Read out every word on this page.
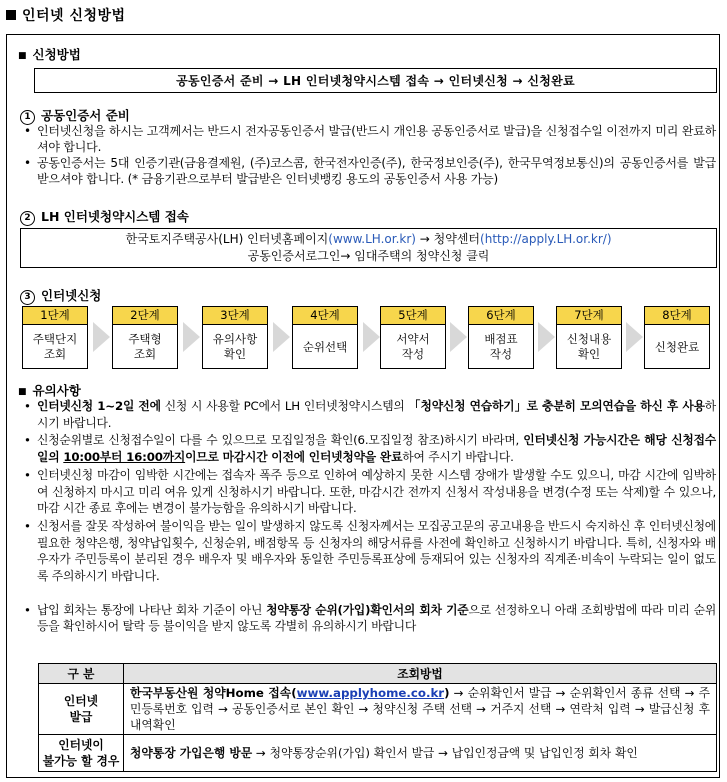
인터넷 신청방법
■ 신청방법
공동인증서 준비 → LH 인터넷청약시스템 접속 → 인터넷신청 → 신청완료
1 공동인증서 준비
• 인터넷신청을 하시는 고객께서는 반드시 전자공동인증서 발급(반드시 개인용 공동인증서로 발급)을 신청접수일 이전까지 미리 완료하셔야 합니다.
• 공동인증서는 5대 인증기관(금융결제원, (주)코스콤, 한국전자인증(주), 한국정보인증(주), 한국무역정보통신)의 공동인증서를 발급받으셔야 합니다. (* 금융기관으로부터 발급받은 인터넷뱅킹 용도의 공동인증서 사용 가능)
2 LH 인터넷청약시스템 접속
한국토지주택공사(LH) 인터넷홈페이지(www.LH.or.kr) → 청약센터(http://apply.LH.or.kr/)
공동인증서로그인→ 임대주택의 청약신청 클릭
3 인터넷신청
1단계
주택단지
조회
2단계
주택형
조회
3단계
유의사항
확인
4단계
순위선택
5단계
서약서
작성
6단계
배점표
작성
7단계
신청내용
확인
8단계
신청완료
■ 유의사항
• 인터넷신청 1~2일 전에 신청 시 사용할 PC에서 LH 인터넷청약시스템의 「청약신청 연습하기」로 충분히 모의연습을 하신 후 사용하시기 바랍니다.
• 신청순위별로 신청접수일이 다를 수 있으므로 모집일정을 확인(6.모집일정 참조)하시기 바라며, 인터넷신청 가능시간은 해당 신청접수일의 10:00부터 16:00까지이므로 마감시간 이전에 인터넷청약을 완료하여 주시기 바랍니다.
• 인터넷신청 마감이 임박한 시간에는 접속자 폭주 등으로 인하여 예상하지 못한 시스템 장애가 발생할 수도 있으니, 마감 시간에 임박하여 신청하지 마시고 미리 여유 있게 신청하시기 바랍니다. 또한, 마감시간 전까지 신청서 작성내용을 변경(수정 또는 삭제)할 수 있으나, 마감 시간 종료 후에는 변경이 불가능함을 유의하시기 바랍니다.
• 신청서를 잘못 작성하여 불이익을 받는 일이 발생하지 않도록 신청자께서는 모집공고문의 공고내용을 반드시 숙지하신 후 인터넷신청에 필요한 청약은행, 청약납입횟수, 신청순위, 배점항목 등 신청자의 해당서류를 사전에 확인하고 신청하시기 바랍니다. 특히, 신청자와 배우자가 주민등록이 분리된 경우 배우자 및 배우자와 동일한 주민등록표상에 등재되어 있는 신청자의 직계존·비속이 누락되는 일이 없도록 주의하시기 바랍니다.
• 납입 회차는 통장에 나타난 회차 기준이 아닌 청약통장 순위(가입)확인서의 회차 기준으로 선정하오니 아래 조회방법에 따라 미리 순위 등을 확인하시어 탈락 등 불이익을 받지 않도록 각별히 유의하시기 바랍니다
구 분	조회방법
인터넷
발급	한국부동산원 청약Home 접속(www.applyhome.co.kr) → 순위확인서 발급 → 순위확인서 종류 선택 → 주민등록번호 입력 → 공동인증서로 본인 확인 → 청약신청 주택 선택 → 거주지 선택 → 연락처 입력 → 발급신청 후 내역확인
인터넷이
불가능 할 경우	청약통장 가입은행 방문 → 청약통장순위(가입) 확인서 발급 → 납입인정금액 및 납입인정 회차 확인
